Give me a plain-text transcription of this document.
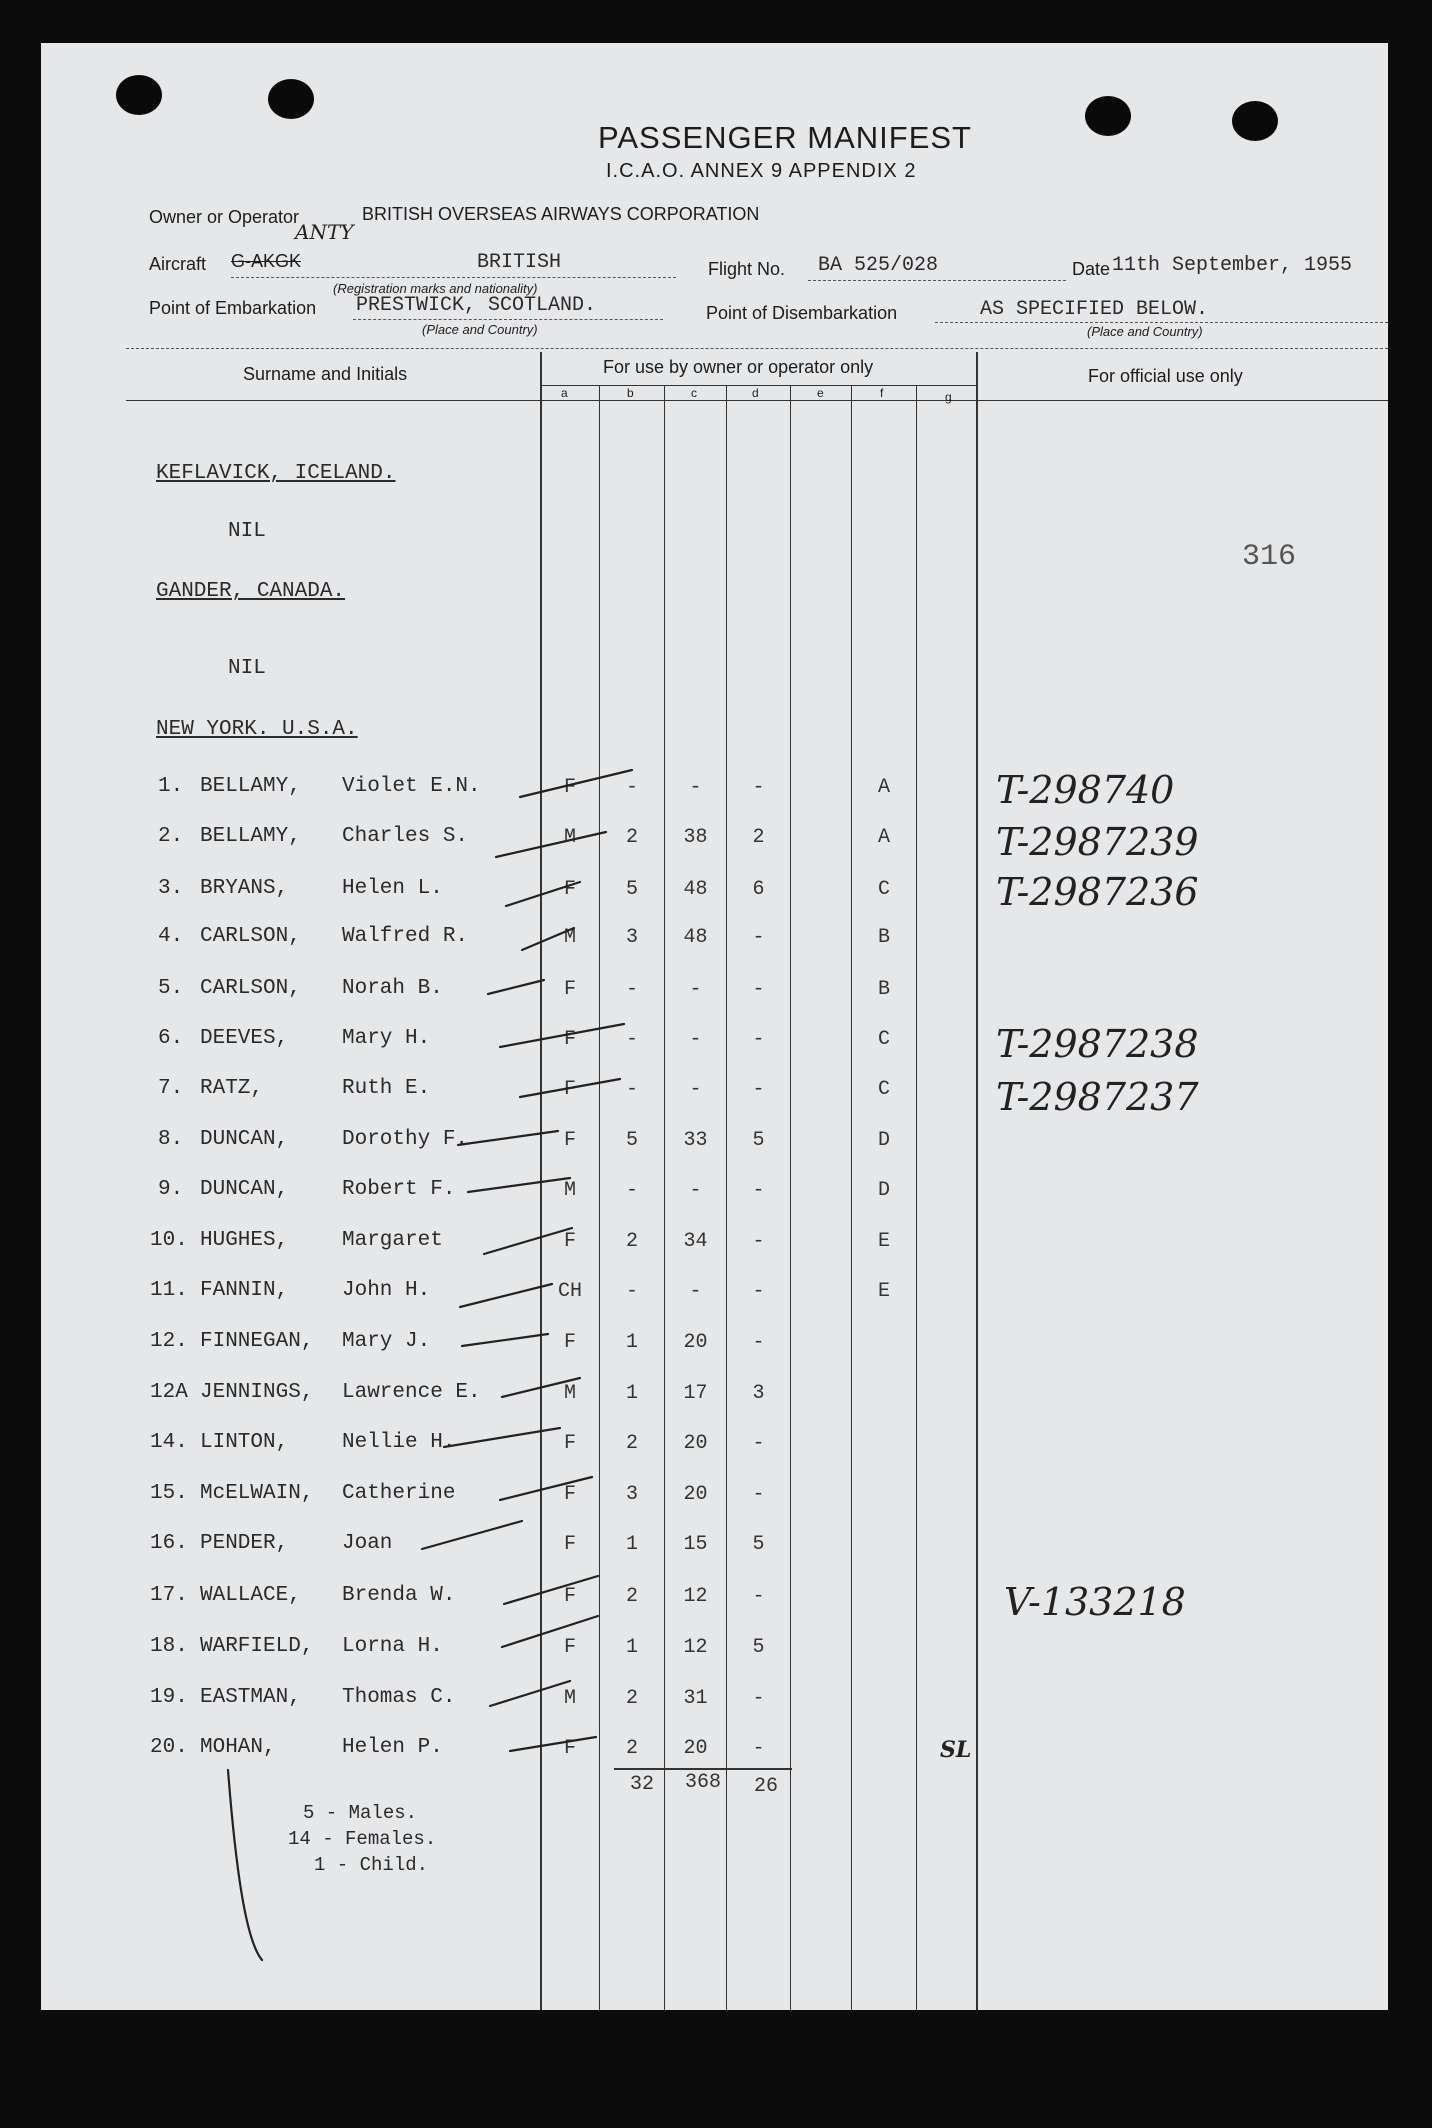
PASSENGER MANIFEST
I.C.A.O. ANNEX 9 APPENDIX 2
Owner or Operator	BRITISH OVERSEAS AIRWAYS CORPORATION
Aircraft G-AKGK
ANTY
BRITISH
(Registration marks and nationality)
Flight No. BA 525/028	Date 11th September, 1955
Point of Embarkation PRESTWICK, SCOTLAND.
(Place and Country)
Point of Disembarkation	AS SPECIFIED BELOW.
(Place and Country)
Surname and Initials	For use by owner or operator only	For official use only
a	b	c	d	e	f	g
KEFLAVICK, ICELAND.
NIL
GANDER, CANADA.
NIL
NEW YORK. U.S.A.
316
1. BELLAMY, Violet E.N.	F	-	-	-	A	T-298740
2. BELLAMY, Charles S.	M	2	38	2	A	T-2987239
3. BRYANS,	Helen L.	F	5	48	6	C	T-2987236
4. CARLSON, Walfred R.	M	3	48	-	B
5. CARLSON, Norah B.	F	-	-	-	B
6. DEEVES,	Mary H.	F	-	-	-	C	T-2987238
7. RATZ,	Ruth E.	F	-	-	-	C	T-2987237
8. DUNCAN,	Dorothy F.	F	5	33	5	D
9. DUNCAN,	Robert F.	M	-	-	-	D
10. HUGHES,	Margaret	F	2	34	-	E
11. FANNIN,	John H.	CH	-	-	-	E
12. FINNEGAN, Mary J.	F	1	20	-
12A JENNINGS, Lawrence E.	M	1	17	3
14. LINTON,	Nellie H.	F	2	20	-
15. McELWAIN, Catherine	F	3	20	-
16. PENDER,	Joan	F	1	15	5
17. WALLACE, Brenda W.	F	2	12	-	V-133218
18. WARFIELD, Lorna H.	F	1	12	5
19. EASTMAN, Thomas C.	M	2	31	-
20. MOHAN,	Helen P.	F	2	20	-
32	368	26
SL
5 - Males.
14 - Females.
1 - Child.
